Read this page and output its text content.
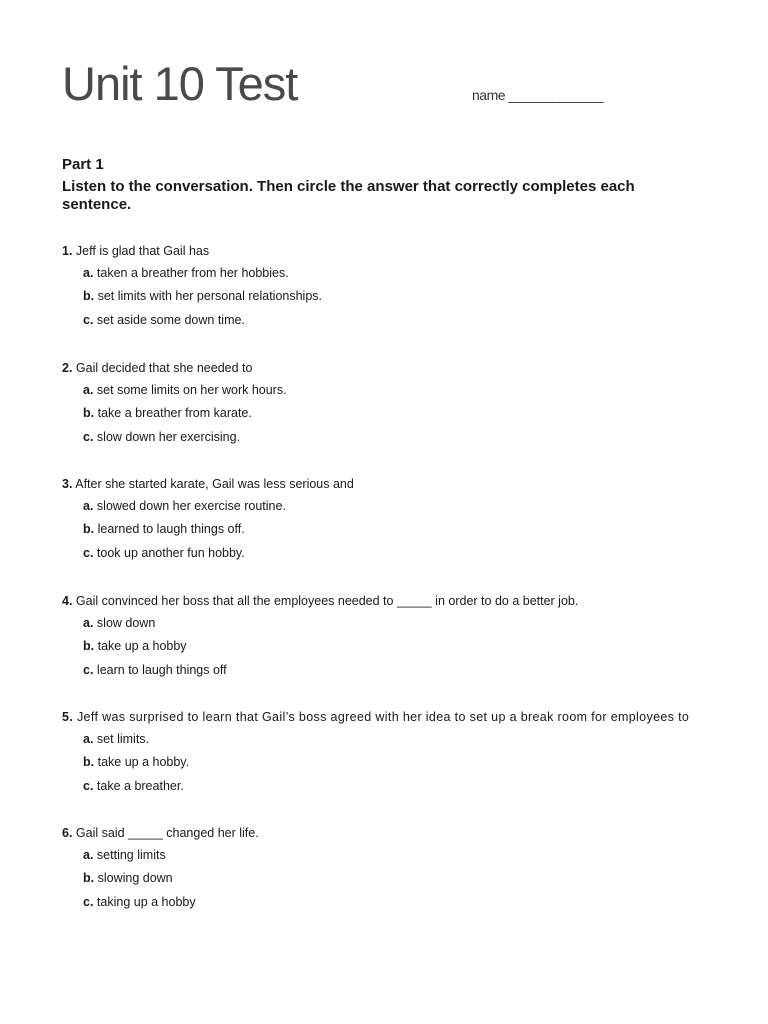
Unit 10 Test	name _____________
Part 1
Listen to the conversation. Then circle the answer that correctly completes each sentence.
1. Jeff is glad that Gail has
a. taken a breather from her hobbies.
b. set limits with her personal relationships.
c. set aside some down time.
2. Gail decided that she needed to
a. set some limits on her work hours.
b. take a breather from karate.
c. slow down her exercising.
3. After she started karate, Gail was less serious and
a. slowed down her exercise routine.
b. learned to laugh things off.
c. took up another fun hobby.
4. Gail convinced her boss that all the employees needed to _____ in order to do a better job.
a. slow down
b. take up a hobby
c. learn to laugh things off
5. Jeff was surprised to learn that Gail’s boss agreed with her idea to set up a break room for employees to
a. set limits.
b. take up a hobby.
c. take a breather.
6. Gail said _____ changed her life.
a. setting limits
b. slowing down
c. taking up a hobby
